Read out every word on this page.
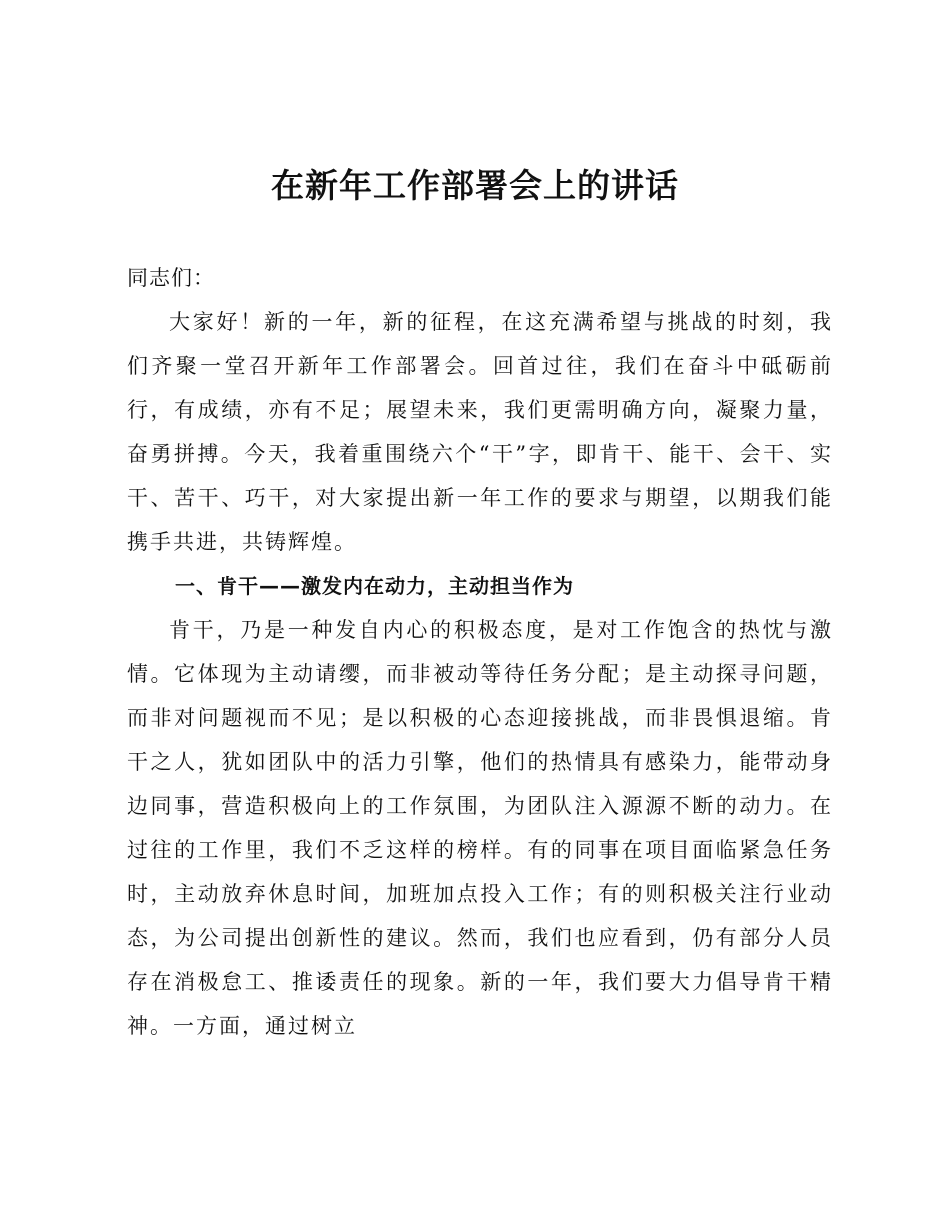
在新年工作部署会上的讲话

同志们：

大家好！新的一年，新的征程，在这充满希望与挑战的时刻，我们齐聚一堂召开新年工作部署会。回首过往，我们在奋斗中砥砺前行，有成绩，亦有不足；展望未来，我们更需明确方向，凝聚力量，奋勇拼搏。今天，我着重围绕六个“干”字，即肯干、能干、会干、实干、苦干、巧干，对大家提出新一年工作的要求与期望，以期我们能携手共进，共铸辉煌。

一、肯干——激发内在动力，主动担当作为

肯干，乃是一种发自内心的积极态度，是对工作饱含的热忱与激情。它体现为主动请缨，而非被动等待任务分配；是主动探寻问题，而非对问题视而不见；是以积极的心态迎接挑战，而非畏惧退缩。肯干之人，犹如团队中的活力引擎，他们的热情具有感染力，能带动身边同事，营造积极向上的工作氛围，为团队注入源源不断的动力。在过往的工作里，我们不乏这样的榜样。有的同事在项目面临紧急任务时，主动放弃休息时间，加班加点投入工作；有的则积极关注行业动态，为公司提出创新性的建议。然而，我们也应看到，仍有部分人员存在消极怠工、推诿责任的现象。新的一年，我们要大力倡导肯干精神。一方面，通过树立
